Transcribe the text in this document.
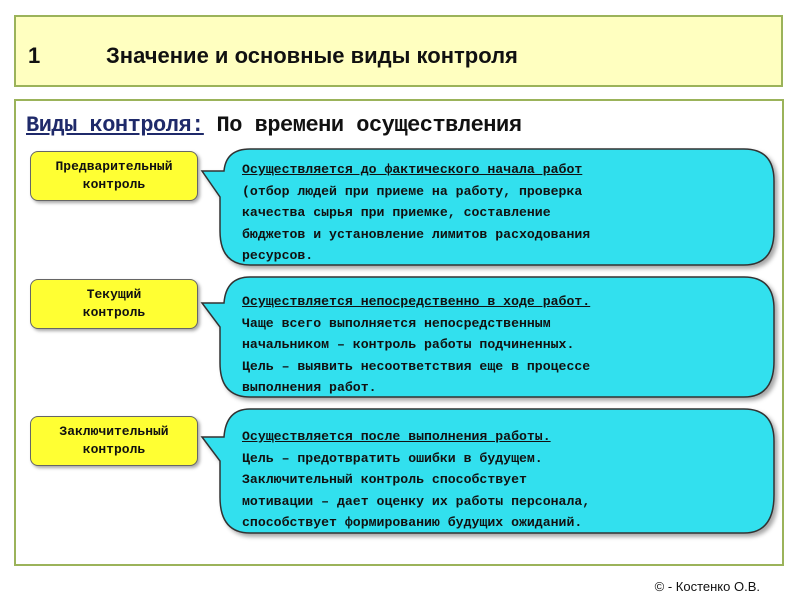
1	Значение и основные виды контроля
Виды контроля: По времени осуществления
Предварительный
контроль
Текущий
контроль
Заключительный
контроль
Осуществляется до фактического начала работ
(отбор людей при приеме на работу, проверка
качества сырья при приемке, составление
бюджетов и установление лимитов расходования
ресурсов.
Осуществляется непосредственно в ходе работ.
Чаще всего выполняется непосредственным
начальником – контроль работы подчиненных.
Цель – выявить несоответствия еще в процессе
выполнения работ.
Осуществляется после выполнения работы.
Цель – предотвратить ошибки в будущем.
Заключительный контроль способствует
мотивации – дает оценку их работы персонала,
способствует формированию будущих ожиданий.
© - Костенко О.В.
